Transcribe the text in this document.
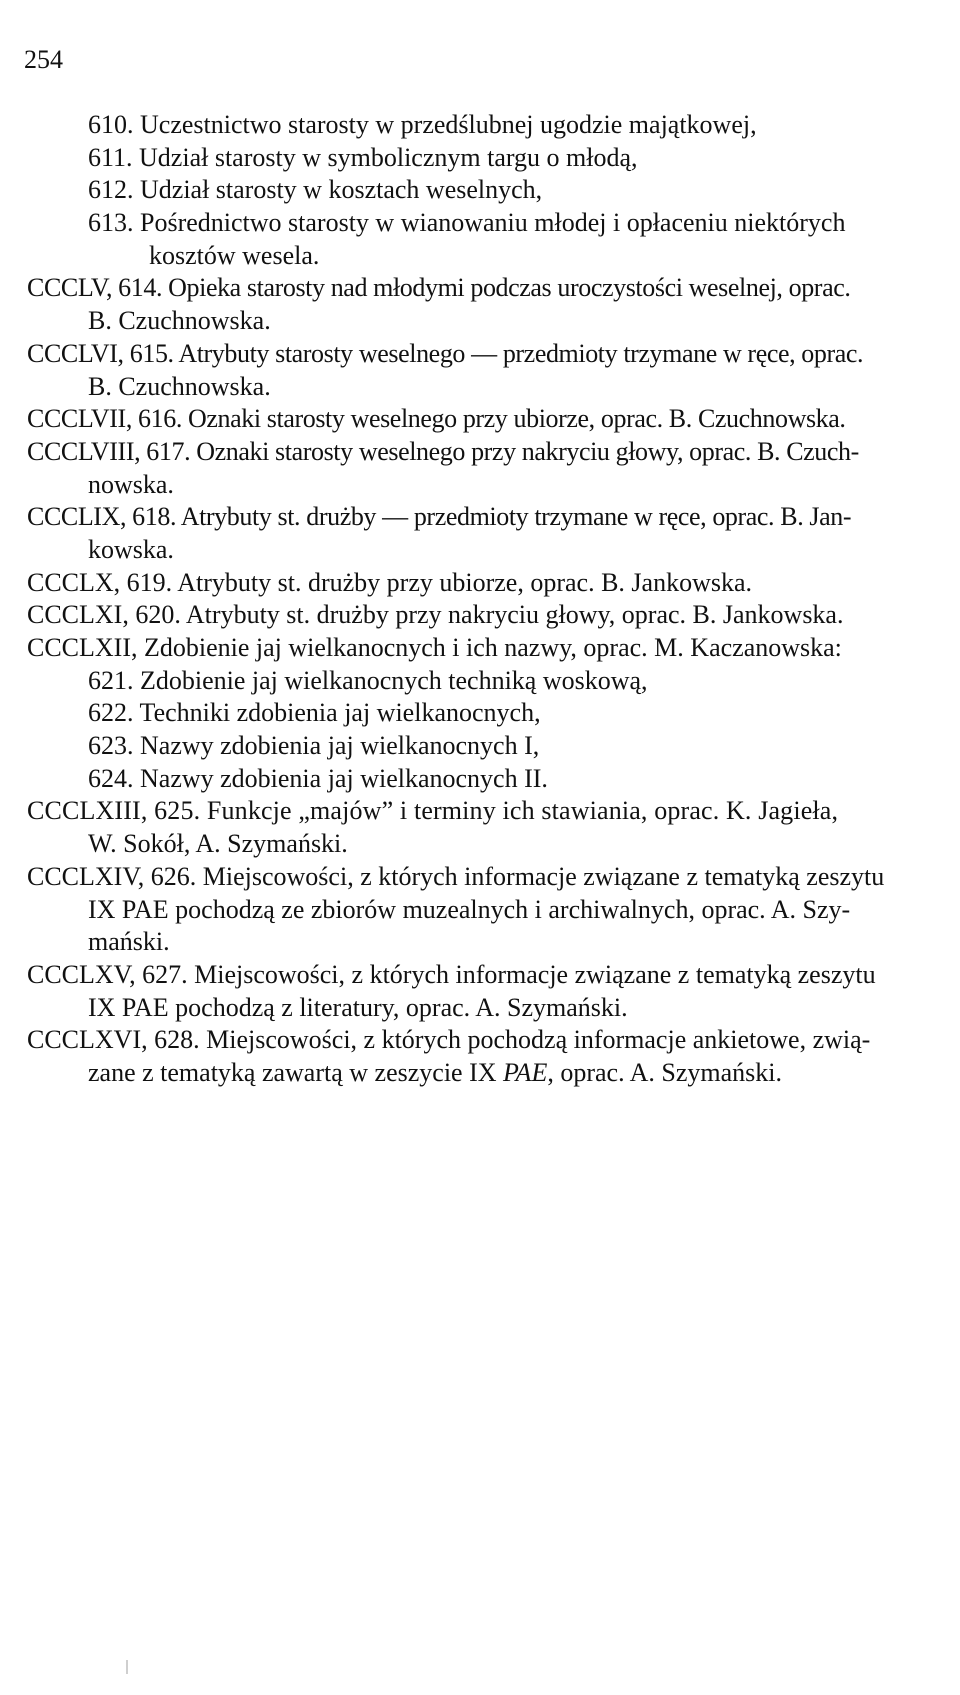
254
610. Uczestnictwo starosty w przedślubnej ugodzie majątkowej,
611. Udział starosty w symbolicznym targu o młodą,
612. Udział starosty w kosztach weselnych,
613. Pośrednictwo starosty w wianowaniu młodej i opłaceniu niektórych
kosztów wesela.
CCCLV, 614. Opieka starosty nad młodymi podczas uroczystości weselnej, oprac.
B. Czuchnowska.
CCCLVI, 615. Atrybuty starosty weselnego — przedmioty trzymane w ręce, oprac.
B. Czuchnowska.
CCCLVII, 616. Oznaki starosty weselnego przy ubiorze, oprac. B. Czuchnowska.
CCCLVIII, 617. Oznaki starosty weselnego przy nakryciu głowy, oprac. B. Czuch-
nowska.
CCCLIX, 618. Atrybuty st. drużby — przedmioty trzymane w ręce, oprac. B. Jan-
kowska.
CCCLX, 619. Atrybuty st. drużby przy ubiorze, oprac. B. Jankowska.
CCCLXI, 620. Atrybuty st. drużby przy nakryciu głowy, oprac. B. Jankowska.
CCCLXII, Zdobienie jaj wielkanocnych i ich nazwy, oprac. M. Kaczanowska:
621. Zdobienie jaj wielkanocnych techniką woskową,
622. Techniki zdobienia jaj wielkanocnych,
623. Nazwy zdobienia jaj wielkanocnych I,
624. Nazwy zdobienia jaj wielkanocnych II.
CCCLXIII, 625. Funkcje „majów” i terminy ich stawiania, oprac. K. Jagieła,
W. Sokół, A. Szymański.
CCCLXIV, 626. Miejscowości, z których informacje związane z tematyką zeszytu
IX PAE pochodzą ze zbiorów muzealnych i archiwalnych, oprac. A. Szy-
mański.
CCCLXV, 627. Miejscowości, z których informacje związane z tematyką zeszytu
IX PAE pochodzą z literatury, oprac. A. Szymański.
CCCLXVI, 628. Miejscowości, z których pochodzą informacje ankietowe, zwią-
zane z tematyką zawartą w zeszycie IX PAE, oprac. A. Szymański.
